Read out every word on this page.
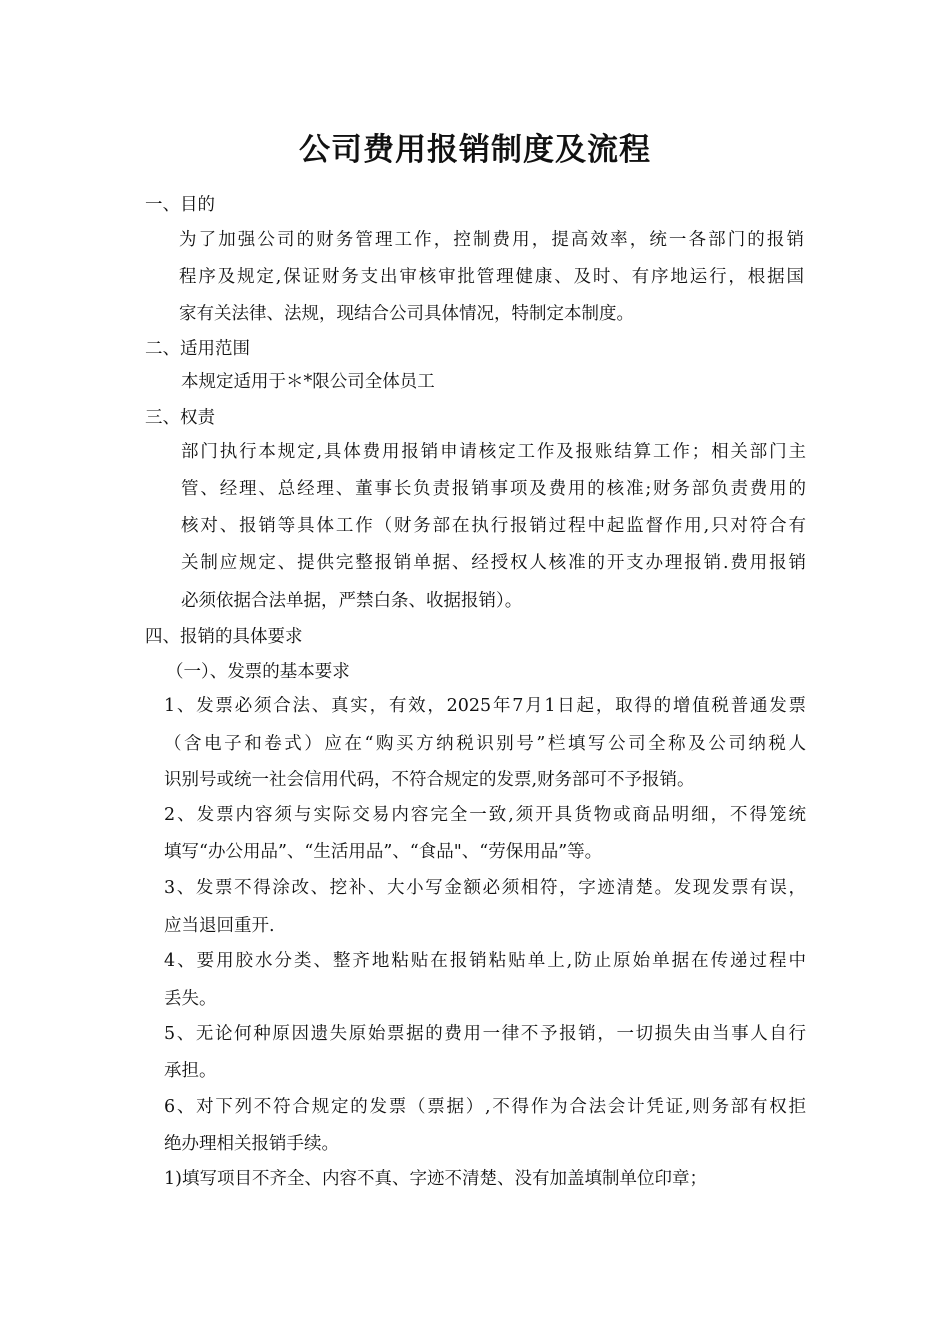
公司费用报销制度及流程
一、目的
为了加强公司的财务管理工作，控制费用，提高效率，统一各部门的报销
程序及规定,保证财务支出审核审批管理健康、及时、有序地运行，根据国
家有关法律、法规，现结合公司具体情况，特制定本制度。
二、适用范围
本规定适用于＊*限公司全体员工
三、权责
部门执行本规定,具体费用报销申请核定工作及报账结算工作；相关部门主
管、经理、总经理、董事长负责报销事项及费用的核准;财务部负责费用的
核对、报销等具体工作（财务部在执行报销过程中起监督作用,只对符合有
关制应规定、提供完整报销单据、经授权人核准的开支办理报销.费用报销
必须依据合法单据，严禁白条、收据报销）。
四、报销的具体要求
（一）、发票的基本要求
1、发票必须合法、真实，有效，2025年7月1日起，取得的增值税普通发票
（含电子和卷式）应在“购买方纳税识别号”栏填写公司全称及公司纳税人
识别号或统一社会信用代码，不符合规定的发票,财务部可不予报销。
2、发票内容须与实际交易内容完全一致,须开具货物或商品明细，不得笼统
填写“办公用品”、“生活用品”、“食品"、“劳保用品”等。
3、发票不得涂改、挖补、大小写金额必须相符，字迹清楚。发现发票有误，
应当退回重开.
4、要用胶水分类、整齐地粘贴在报销粘贴单上,防止原始单据在传递过程中
丢失。
5、无论何种原因遗失原始票据的费用一律不予报销，一切损失由当事人自行
承担。
6、对下列不符合规定的发票（票据）,不得作为合法会计凭证,则务部有权拒
绝办理相关报销手续。
1)填写项目不齐全、内容不真、字迹不清楚、没有加盖填制单位印章；
